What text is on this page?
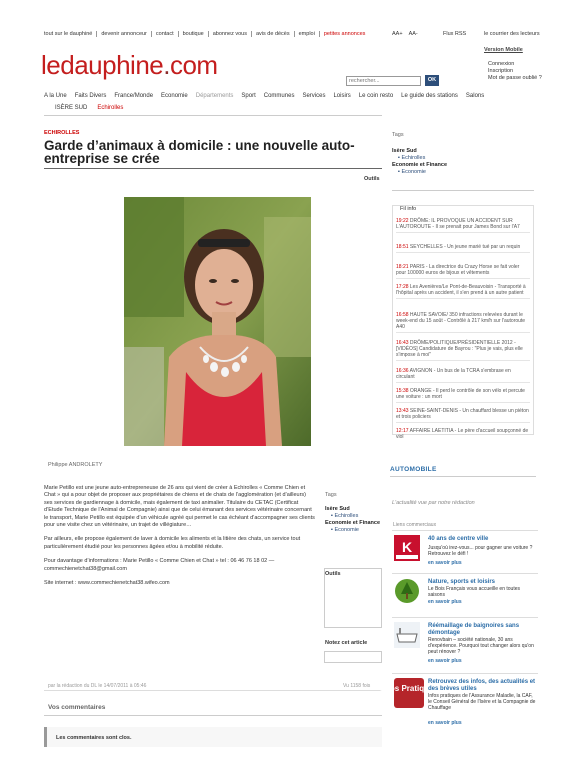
tout sur le dauphiné	devenir annonceur	contact	boutique	abonnez vous	avis de décès	emploi	petites annonces	AA+ AA-	Flux RSS	le courrier des lecteurs
Version Mobile
ledauphine.com	Connexion
Inscription
Mot de passe oublié ?
rechercher...
OK
A la Une Faits Divers France/Monde Economie Départements Sport Communes Services Loisirs Le coin resto Le guide des stations Salons
ISÈRE SUD Echirolles
ECHIROLLES
Garde d’animaux à domicile : une nouvelle auto-entreprise se crée
Outils
Philippe ANDROLETY

Marie Petillo est une jeune auto-entrepreneuse de 26 ans qui vient de créer à Echirolles « Comme Chien et Chat » qui a pour objet de proposer aux propriétaires de chiens et de chats de l’agglomération (et d’ailleurs) ses services de gardiennage à domicile, mais également de taxi animalier. Titulaire du CETAC (Certificat d’Etude Technique de l’Animal de Compagnie) ainsi que de celui émanant des services vétérinaire concernant le transport, Marie Petillo est équipée d’un véhicule agréé qui permet le cas échéant d’accompagner ses clients pour une visite chez un vétérinaire, un trajet de villégiature…

Par ailleurs, elle propose également de laver à domicile les aliments et la litière des chats, un service tout particulièrement étudié pour les personnes âgées et/ou à mobilité réduite.

Pour davantage d’informations : Marie Petillo « Comme Chien et Chat » tel : 06 46 76 18 02 — commechienetchat38@gmail.com

Site internet : www.commechienetchat38.wifeo.com

Tags
Isère Sud
▪ Echirolles
Economie et Finance
▪ Economie
Outils
Notez cet article
par la rédaction du DL le 14/07/2011 à 05:46	Vu 1158 fois
Vos commentaires
Les commentaires sont clos.
Tags
Isère Sud
▪ Echirolles
Economie et Finance
▪ Economie
Fil info
19:22 DRÔME: IL PROVOQUE UN ACCIDENT SUR L'AUTOROUTE - Il se prenait pour James Bond sur l'A7
18:51 SEYCHELLES - Un jeune marié tué par un requin
18:21 PARIS - La directrice du Crazy Horse se fait voler pour 100000 euros de bijoux et vêtements
17:28 Les Avenières/Le Pont-de-Beauvoisin - Transporté à l'hôpital après un accident, il s'en prend à un autre patient
16:58 HAUTE SAVOIE/ 350 infractions relevées durant le week-end du 15 août - Contrôlé à 217 km/h sur l'autoroute A40
16:43 DRÔME/POLITIQUE/PRÉSIDENTIELLE 2012 - [VIDÉOS] Candidature de Bayrou : "Plus je vais, plus elle s'impose à moi"
16:36 AVIGNON - Un bus de la TCRA s'embrase en circulant
15:38 ORANGE - Il perd le contrôle de son vélo et percute une voiture : un mort
13:43 SEINE-SAINT-DENIS - Un chauffard blesse un piéton et trois policiers
12:17 AFFAIRE LAETITIA - Le père d'accueil soupçonné de viol
AUTOMOBILE
L'actualité vue par notre rédaction
Liens commerciaux
K	40 ans de centre ville
Jusqu'où irez-vous... pour gagner une voiture ? Retrouvez le défi !
en savoir plus
Nature, sports et loisirs
Le Bois Français vous accueille en toutes saisons
en savoir plus
Réémaillage de baignoires sans démontage
Renovbain – société nationale, 30 ans d'expérience. Pourquoi tout changer alors qu'on peut rénover ?
en savoir plus
Infos Pratiques
Retrouvez des infos, des actualités et des brèves utiles
Infos pratiques de l'Assurance Maladie, la CAF, le Conseil Général de l'Isère et la Compagnie de Chauffage
en savoir plus
